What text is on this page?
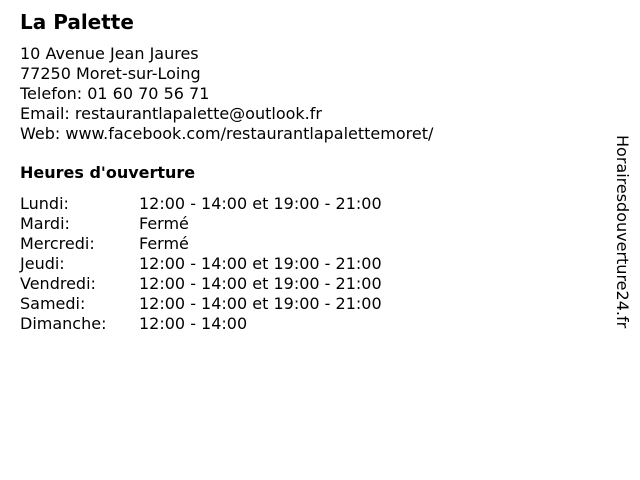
La Palette
10 Avenue Jean Jaures
77250 Moret-sur-Loing
Telefon: 01 60 70 56 71
Email: restaurantlapalette@outlook.fr
Web: www.facebook.com/restaurantlapalettemoret/
Heures d'ouverture
Lundi:	12:00 - 14:00 et 19:00 - 21:00
Mardi:	Fermé
Mercredi:	Fermé
Jeudi:	12:00 - 14:00 et 19:00 - 21:00
Vendredi:	12:00 - 14:00 et 19:00 - 21:00
Samedi:	12:00 - 14:00 et 19:00 - 21:00
Dimanche: 12:00 - 14:00	Horairesdouverture24.fr
